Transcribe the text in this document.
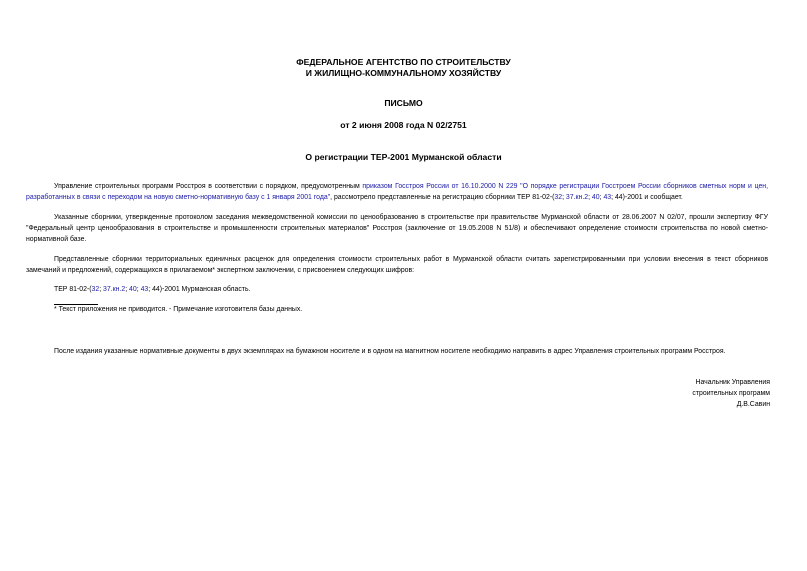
ФЕДЕРАЛЬНОЕ АГЕНТСТВО ПО СТРОИТЕЛЬСТВУ
И ЖИЛИЩНО-КОММУНАЛЬНОМУ ХОЗЯЙСТВУ
ПИСЬМО
от 2 июня 2008 года N 02/2751
О регистрации ТЕР-2001 Мурманской области
Управление строительных программ Росстроя в соответствии с порядком, предусмотренным приказом Госстроя России от 16.10.2000 N 229 "О порядке регистрации Госстроем России сборников сметных норм и цен, разработанных в связи с переходом на новую сметно-нормативную базу с 1 января 2001 года", рассмотрело представленные на регистрацию сборники ТЕР 81-02-(32; 37.кн.2; 40; 43; 44)-2001 и сообщает.
Указанные сборники, утвержденные протоколом заседания межведомственной комиссии по ценообразованию в строительстве при правительстве Мурманской области от 28.06.2007 N 02/07, прошли экспертизу ФГУ "Федеральный центр ценообразования в строительстве и промышленности строительных материалов" Росстроя (заключение от 19.05.2008 N 51/8) и обеспечивают определение стоимости строительства по новой сметно-нормативной базе.
Представленные сборники территориальных единичных расценок для определения стоимости строительных работ в Мурманской области считать зарегистрированными при условии внесения в текст сборников замечаний и предложений, содержащихся в прилагаемом* экспертном заключении, с присвоением следующих шифров:
ТЕР 81-02-(32; 37.кн.2; 40; 43; 44)-2001 Мурманская область.
* Текст приложения не приводится. - Примечание изготовителя базы данных.
После издания указанные нормативные документы в двух экземплярах на бумажном носителе и в одном на магнитном носителе необходимо направить в адрес Управления строительных программ Росстроя.
Начальник Управления
строительных программ
Д.В.Савин
